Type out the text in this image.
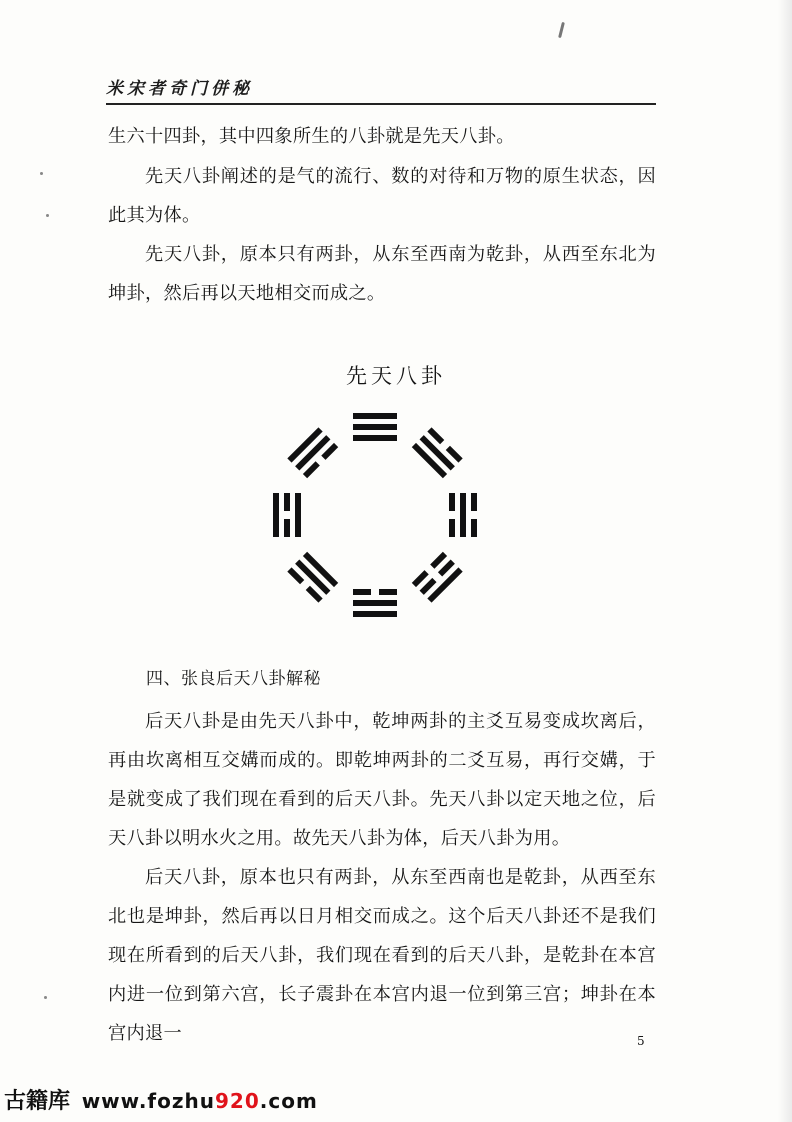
米宋者奇门併秘

生六十四卦，其中四象所生的八卦就是先天八卦。

先天八卦阐述的是气的流行、数的对待和万物的原生状态，因此其为体。

先天八卦，原本只有两卦，从东至西南为乾卦，从西至东北为坤卦，然后再以天地相交而成之。

先天八卦
四、张良后天八卦解秘

后天八卦是由先天八卦中，乾坤两卦的主爻互易变成坎离后，再由坎离相互交媾而成的。即乾坤两卦的二爻互易，再行交媾，于是就变成了我们现在看到的后天八卦。先天八卦以定天地之位，后天八卦以明水火之用。故先天八卦为体，后天八卦为用。

后天八卦，原本也只有两卦，从东至西南也是乾卦，从西至东北也是坤卦，然后再以日月相交而成之。这个后天八卦还不是我们现在所看到的后天八卦，我们现在看到的后天八卦，是乾卦在本宫内进一位到第六宫，长子震卦在本宫内退一位到第三宫；坤卦在本宫内退一	5
古籍库 www.fozhu920.com
